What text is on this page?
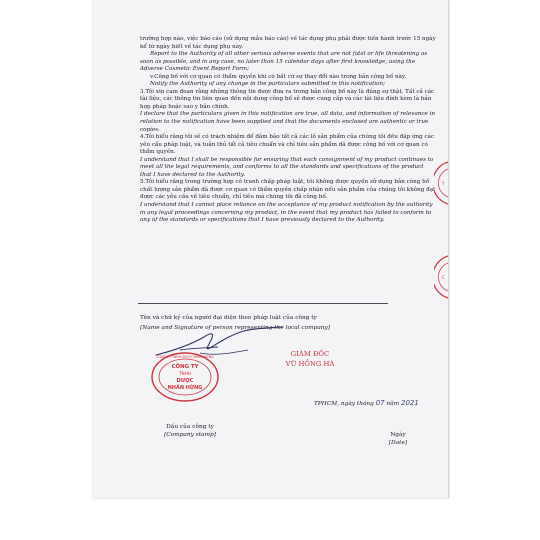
trường hợp nào, việc báo cáo (sử dụng mẫu báo cáo) về tác dụng phụ phải được tiến hành trước 15 ngày kể từ ngày biết về tác dụng phụ này.

Report to the Authority of all other serious adverse events that are not fatal or life threatening as soon as possible, and in any case, no later than 15 calendar days after first knowledge, using the Adverse Cosmetic Event Report Form;

v.Công bố với cơ quan có thẩm quyền khi có bất cứ sự thay đổi nào trong bản công bố này.

Notify the Authority of any change in the particulars submitted in this notification;

3.Tôi xin cam đoan rằng những thông tin được đưa ra trong bản công bố này là đúng sự thật. Tất cả các tài liệu, các thông tin liên quan đến nội dung công bố sẽ được cung cấp và các tài liệu đính kèm là bản hợp pháp hoặc sao y bản chính.

I declare that the particulars given in this notification are true, all data, and information of relevance in relation to the notification have been supplied and that the documents enclosed are authentic or true copies.

4.Tôi hiểu rằng tôi sẽ có trách nhiệm để đảm bảo tất cả các lô sản phẩm của chúng tôi đều đáp ứng các yêu cầu pháp luật, và tuân thủ tất cả tiêu chuẩn và chỉ tiêu sản phẩm đã được công bố với cơ quan có thẩm quyền.

I understand that I shall be responsible for ensuring that each consignment of my product continues to meet all the legal requirements, and conforms to all the standards and specifications of the product that I have declared to the Authority.

5.Tôi hiểu rằng trong trường hợp có tranh chấp pháp luật, tôi không được quyền sử dụng bản công bố chất lượng sản phẩm đã được cơ quan có thẩm quyền chấp nhận nếu sản phẩm của chúng tôi không đạt được các yêu cầu về tiêu chuẩn, chỉ tiêu mà chúng tôi đã công bố.

I understand that I cannot place reliance on the acceptance of my product notification by the authority in any legal proceedings concerning my product, in the event that my product has failed to conform to any of the standards or specifications that I have previously declared to the Authority.

Tên và chữ ký của người đại diện theo pháp luật của công ty
[Name and Signature of person representing the local company]
CÔNG TY TNHH DƯỢC NHÂN HỪNG
CÔNG TY
TNHH
DƯỢC
NHÂN HỪNG
GIÁM ĐỐC
VŨ HỒNG HÀ
TPHCM, ngày tháng 07 năm 2021
Dấu của công ty
[Company stamp]	Ngày
[Date]
Y
C
